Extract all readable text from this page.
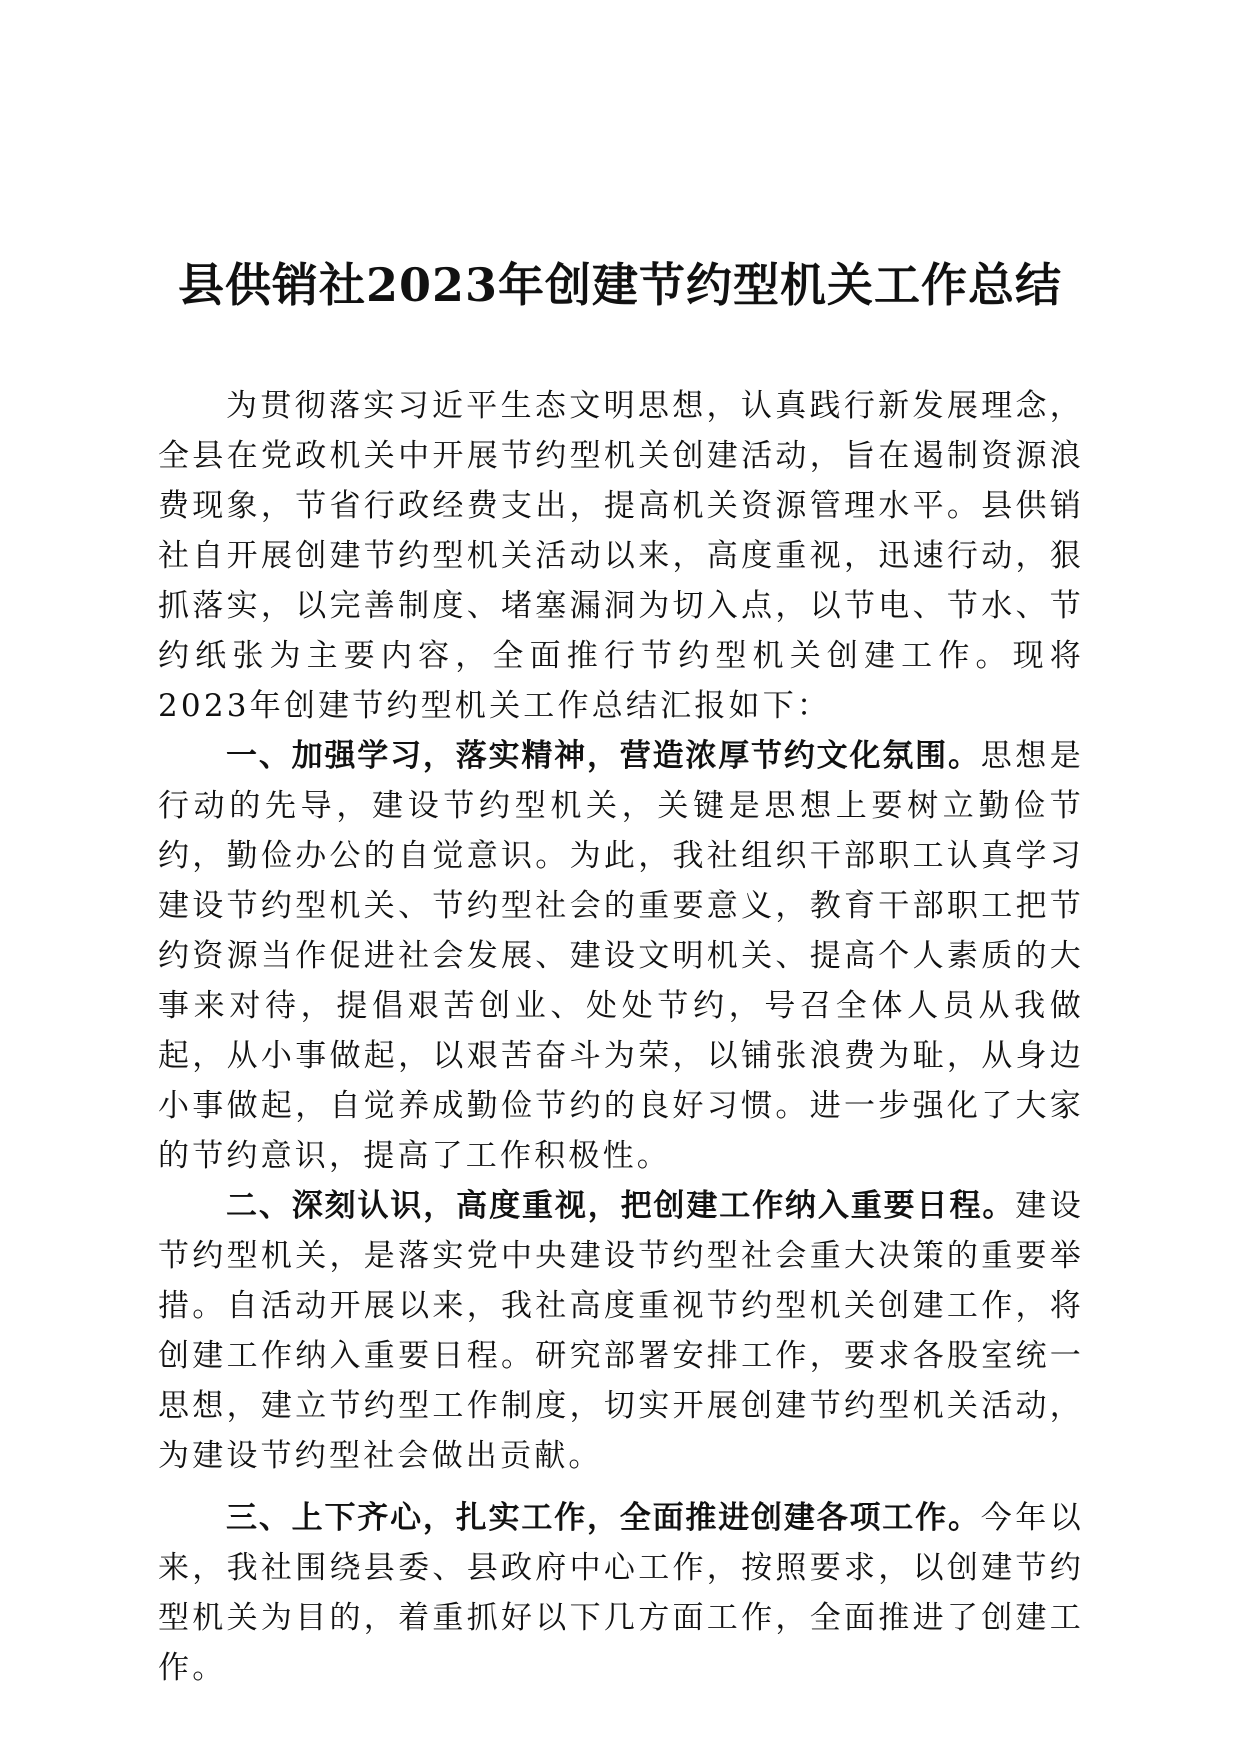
县供销社2023年创建节约型机关工作总结

为贯彻落实习近平生态文明思想，认真践行新发展理念，全县在党政机关中开展节约型机关创建活动，旨在遏制资源浪费现象，节省行政经费支出，提高机关资源管理水平。县供销社自开展创建节约型机关活动以来，高度重视，迅速行动，狠抓落实，以完善制度、堵塞漏洞为切入点，以节电、节水、节约纸张为主要内容，全面推行节约型机关创建工作。现将2023年创建节约型机关工作总结汇报如下：

一、加强学习，落实精神，营造浓厚节约文化氛围。思想是行动的先导，建设节约型机关，关键是思想上要树立勤俭节约，勤俭办公的自觉意识。为此，我社组织干部职工认真学习建设节约型机关、节约型社会的重要意义，教育干部职工把节约资源当作促进社会发展、建设文明机关、提高个人素质的大事来对待，提倡艰苦创业、处处节约，号召全体人员从我做起，从小事做起，以艰苦奋斗为荣，以铺张浪费为耻，从身边小事做起，自觉养成勤俭节约的良好习惯。进一步强化了大家的节约意识，提高了工作积极性。

二、深刻认识，高度重视，把创建工作纳入重要日程。建设节约型机关，是落实党中央建设节约型社会重大决策的重要举措。自活动开展以来，我社高度重视节约型机关创建工作，将创建工作纳入重要日程。研究部署安排工作，要求各股室统一思想，建立节约型工作制度，切实开展创建节约型机关活动，为建设节约型社会做出贡献。

三、上下齐心，扎实工作，全面推进创建各项工作。今年以来，我社围绕县委、县政府中心工作，按照要求，以创建节约型机关为目的，着重抓好以下几方面工作，全面推进了创建工作。
